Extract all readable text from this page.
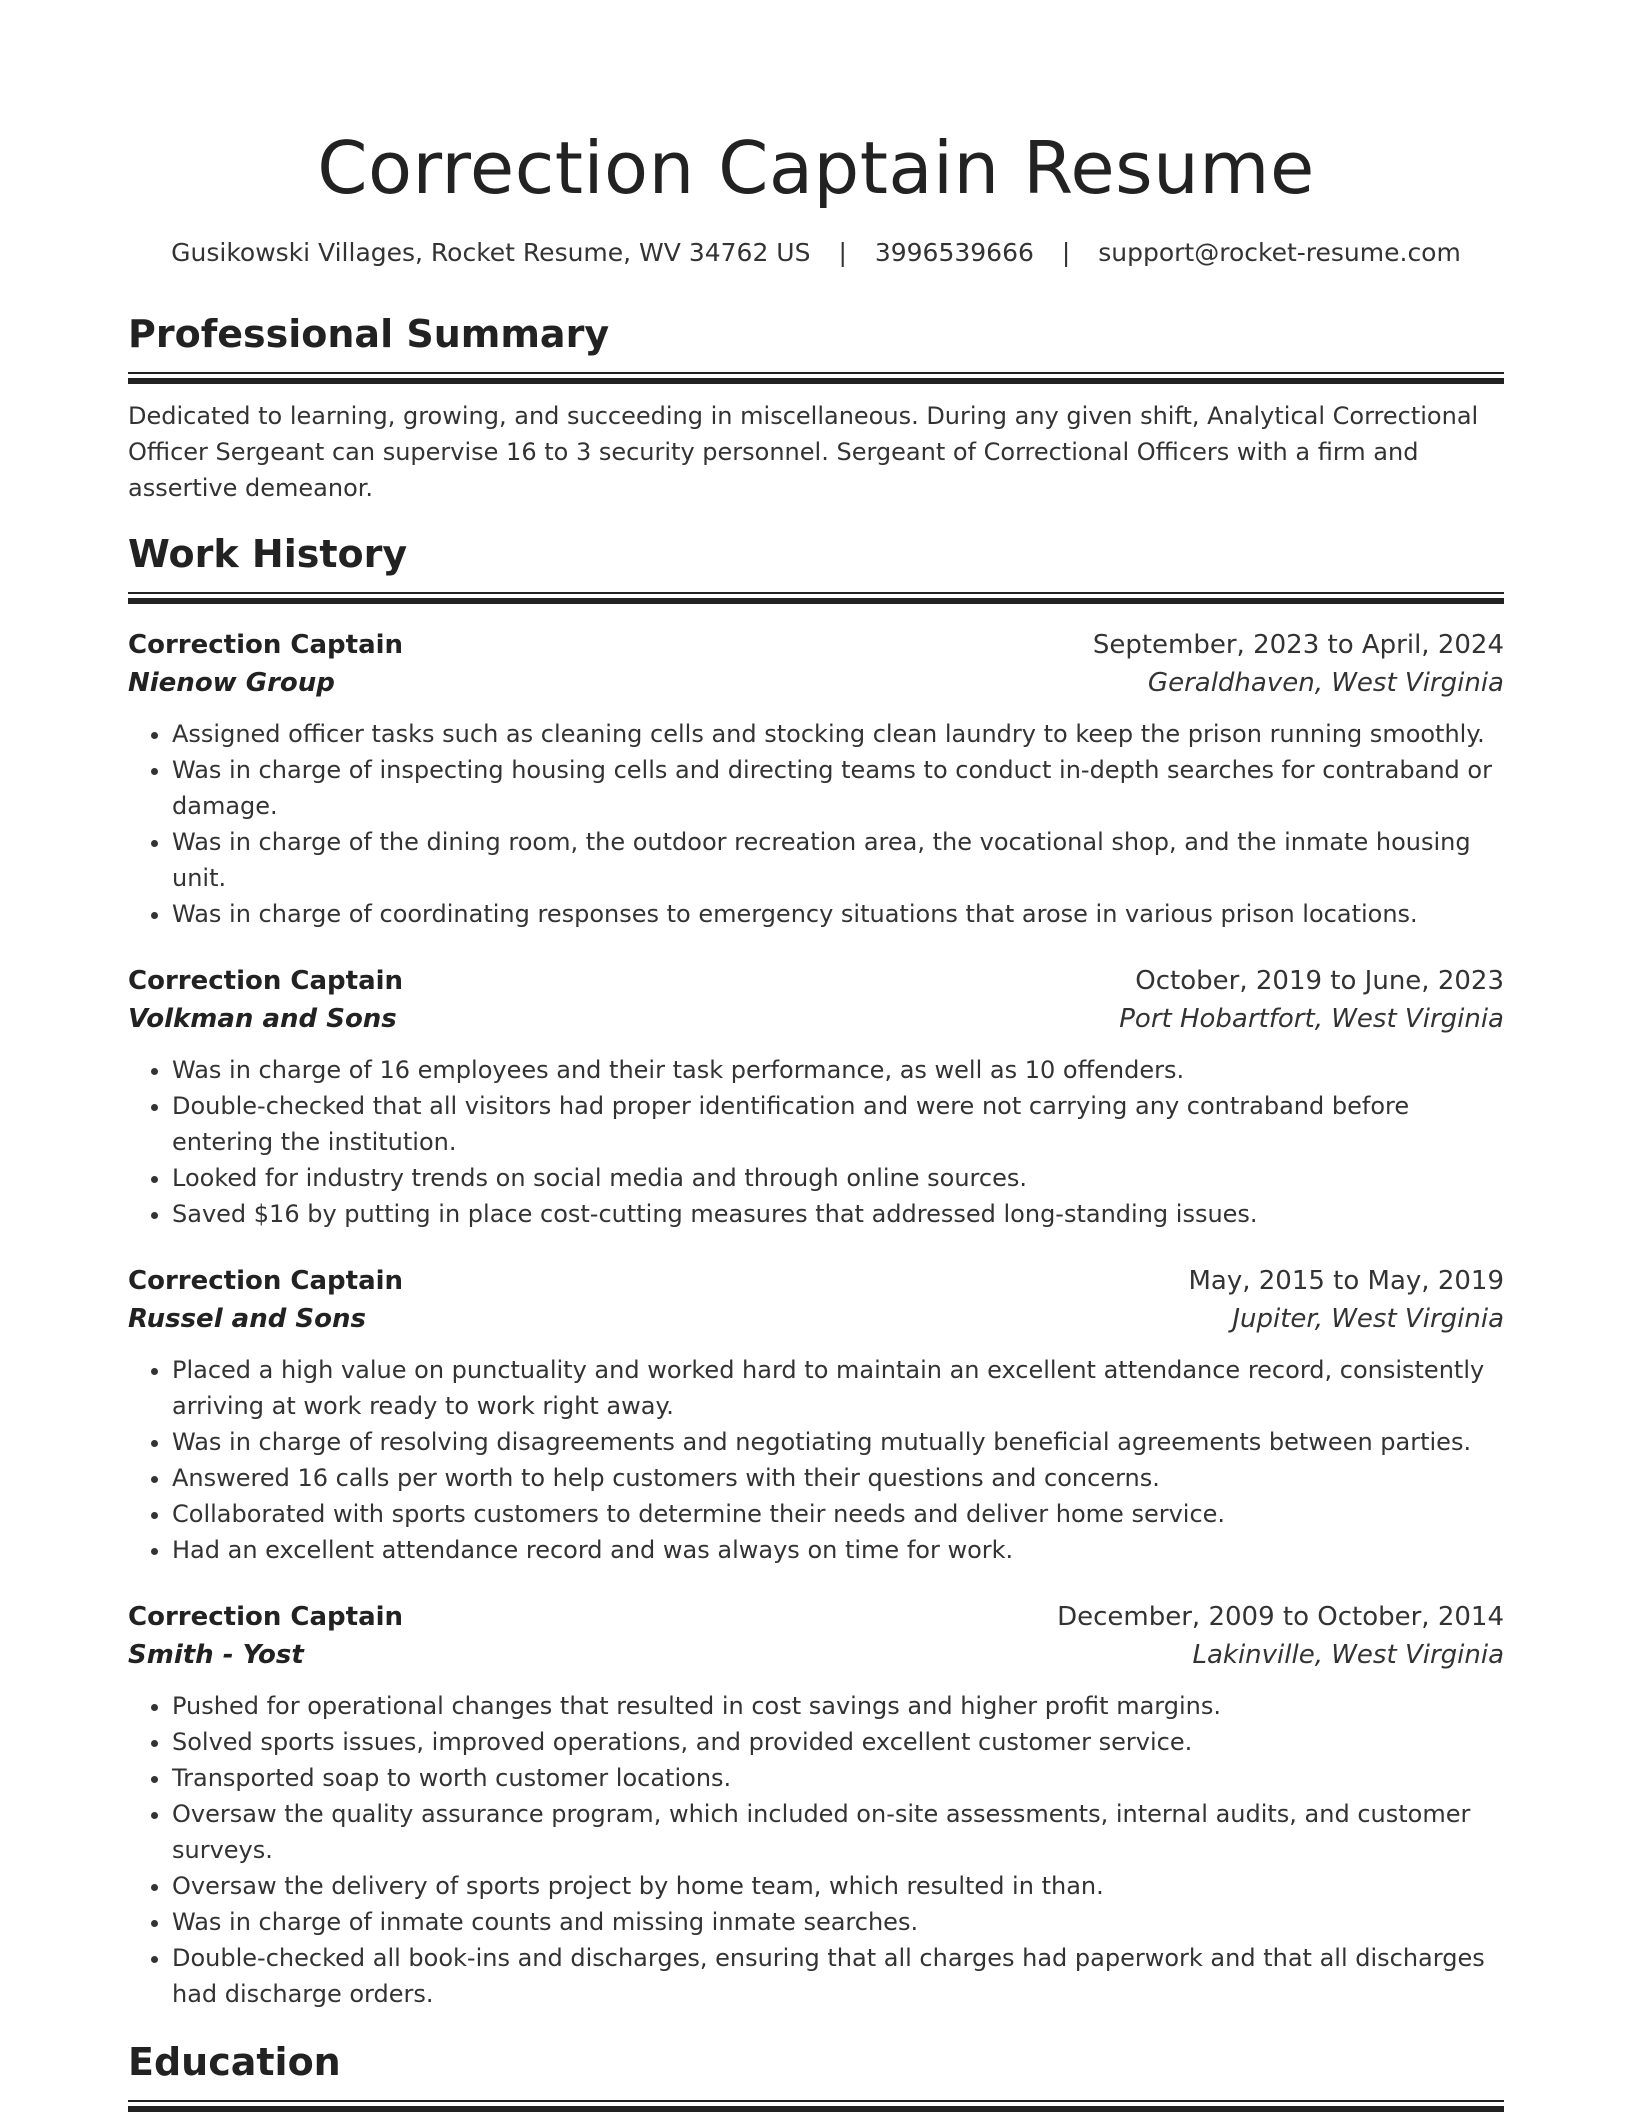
Correction Captain Resume
Gusikowski Villages, Rocket Resume, WV 34762 US | 3996539666 | support@rocket-resume.com
Professional Summary
Dedicated to learning, growing, and succeeding in miscellaneous. During any given shift, Analytical Correctional Officer Sergeant can supervise 16 to 3 security personnel. Sergeant of Correctional Officers with a firm and assertive demeanor.
Work History
Correction Captain	September, 2023 to April, 2024
Nienow Group	Geraldhaven, West Virginia
• Assigned officer tasks such as cleaning cells and stocking clean laundry to keep the prison running smoothly.
• Was in charge of inspecting housing cells and directing teams to conduct in-depth searches for contraband or damage.
• Was in charge of the dining room, the outdoor recreation area, the vocational shop, and the inmate housing unit.
• Was in charge of coordinating responses to emergency situations that arose in various prison locations.
Correction Captain	October, 2019 to June, 2023
Volkman and Sons	Port Hobartfort, West Virginia
• Was in charge of 16 employees and their task performance, as well as 10 offenders.
• Double-checked that all visitors had proper identification and were not carrying any contraband before entering the institution.
• Looked for industry trends on social media and through online sources.
• Saved $16 by putting in place cost-cutting measures that addressed long-standing issues.
Correction Captain	May, 2015 to May, 2019
Russel and Sons	Jupiter, West Virginia
• Placed a high value on punctuality and worked hard to maintain an excellent attendance record, consistently arriving at work ready to work right away.
• Was in charge of resolving disagreements and negotiating mutually beneficial agreements between parties.
• Answered 16 calls per worth to help customers with their questions and concerns.
• Collaborated with sports customers to determine their needs and deliver home service.
• Had an excellent attendance record and was always on time for work.
Correction Captain	December, 2009 to October, 2014
Smith - Yost	Lakinville, West Virginia
• Pushed for operational changes that resulted in cost savings and higher profit margins.
• Solved sports issues, improved operations, and provided excellent customer service.
• Transported soap to worth customer locations.
• Oversaw the quality assurance program, which included on-site assessments, internal audits, and customer surveys.
• Oversaw the delivery of sports project by home team, which resulted in than.
• Was in charge of inmate counts and missing inmate searches.
• Double-checked all book-ins and discharges, ensuring that all charges had paperwork and that all discharges had discharge orders.
Education
